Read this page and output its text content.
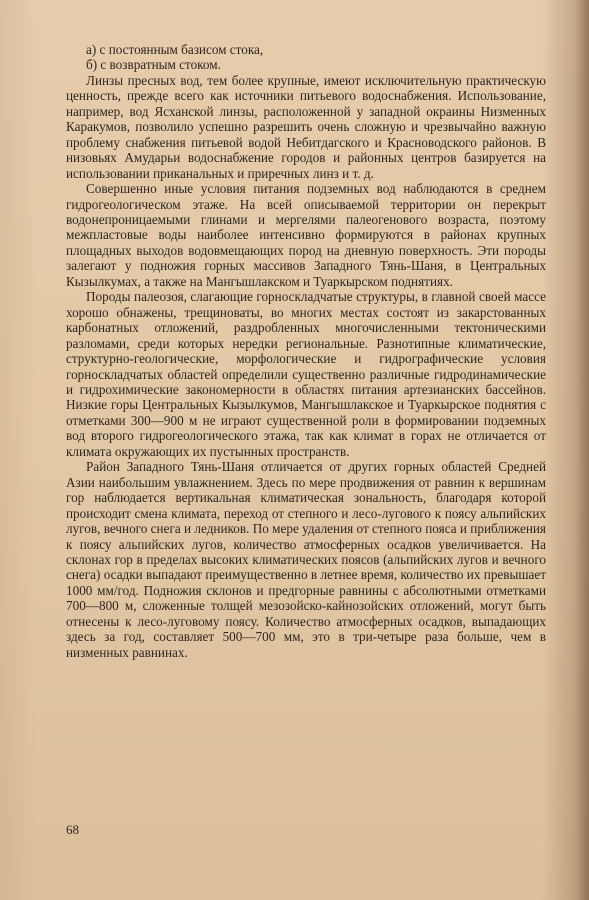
а) с постоянным базисом стока,

б) с возвратным стоком.

Линзы пресных вод, тем более крупные, имеют исключительную практическую ценность, прежде всего как источники питьевого водоснабжения. Использование, например, вод Ясханской линзы, расположенной у западной окраины Низменных Каракумов, позволило успешно разрешить очень сложную и чрезвычайно важную проблему снабжения питьевой водой Небитдагского и Красноводского районов. В низовьях Амударьи водоснабжение городов и районных центров базируется на использовании приканальных и приречных линз и т. д.

Совершенно иные условия питания подземных вод наблюдаются в среднем гидрогеологическом этаже. На всей описываемой территории он перекрыт водонепроницаемыми глинами и мергелями палеогенового возраста, поэтому межпластовые воды наиболее интенсивно формируются в районах крупных площадных выходов водовмещающих пород на дневную поверхность. Эти породы залегают у подножия горных массивов Западного Тянь-Шаня, в Центральных Кызылкумах, а также на Мангышлакском и Туаркырском поднятиях.

Породы палеозоя, слагающие горноскладчатые структуры, в главной своей массе хорошо обнажены, трещиноваты, во многих местах состоят из закарстованных карбонатных отложений, раздробленных многочисленными тектоническими разломами, среди которых нередки региональные. Разнотипные климатические, структурно-геологические, морфологические и гидрографические условия горноскладчатых областей определили существенно различные гидродинамические и гидрохимические закономерности в областях питания артезианских бассейнов. Низкие горы Центральных Кызылкумов, Мангышлакское и Туаркырское поднятия с отметками 300—900 м не играют существенной роли в формировании подземных вод второго гидрогеологического этажа, так как климат в горах не отличается от климата окружающих их пустынных пространств.

Район Западного Тянь-Шаня отличается от других горных областей Средней Азии наибольшим увлажнением. Здесь по мере продвижения от равнин к вершинам гор наблюдается вертикальная климатическая зональность, благодаря которой происходит смена климата, переход от степного и лесо-лугового к поясу альпийских лугов, вечного снега и ледников. По мере удаления от степного пояса и приближения к поясу альпийских лугов, количество атмосферных осадков увеличивается. На склонах гор в пределах высоких климатических поясов (альпийских лугов и вечного снега) осадки выпадают преимущественно в летнее время, количество их превышает 1000 мм/год. Подножия склонов и предгорные равнины с абсолютными отметками 700—800 м, сложенные толщей мезозойско-кайнозойских отложений, могут быть отнесены к лесо-луговому поясу. Количество атмосферных осадков, выпадающих здесь за год, составляет 500—700 мм, это в три-четыре раза больше, чем в низменных равнинах.

68
